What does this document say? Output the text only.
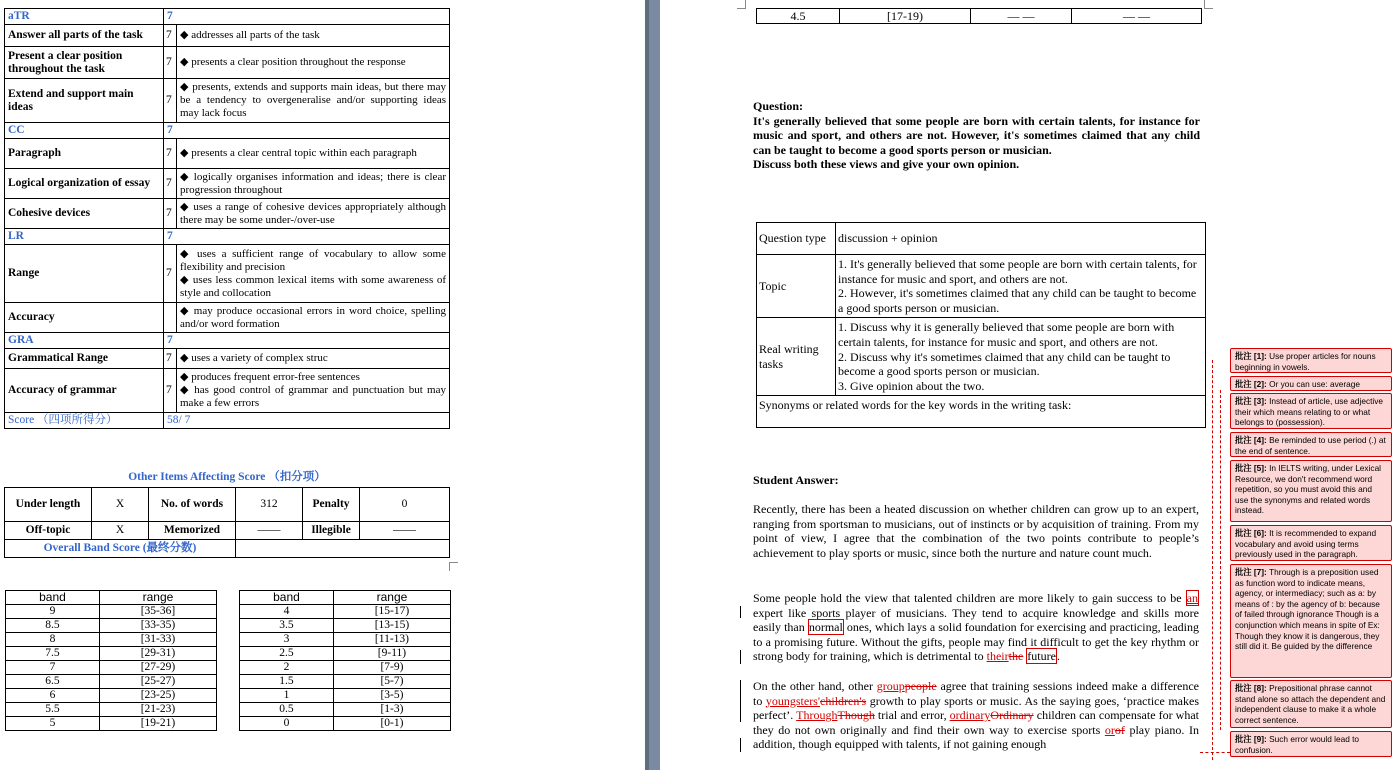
aTR	7	
Answer all parts of the task	7	◆ addresses all parts of the task
Present a clear position throughout the task	7	◆ presents a clear position throughout the response
Extend and support main ideas	7	◆ presents, extends and supports main ideas, but there may be a tendency to overgeneralise and/or supporting ideas may lack focus
CC	7	
Paragraph	7	◆ presents a clear central topic within each paragraph
Logical organization of essay	7	◆ logically organises information and ideas; there is clear progression throughout
Cohesive devices	7	◆ uses a range of cohesive devices appropriately although there may be some under-/over-use
LR	7	
Range	7	◆ uses a sufficient range of vocabulary to allow some flexibility and precision
◆ uses less common lexical items with some awareness of style and collocation
Accuracy		◆ may produce occasional errors in word choice, spelling and/or word formation
GRA	7	
Grammatical Range	7	◆ uses a variety of complex struc
Accuracy of grammar	7	◆ produces frequent error-free sentences
◆ has good control of grammar and punctuation but may make a few errors
Score （四项所得分）	58/ 7	
Other Items Affecting Score （扣分项）					
Under length	X	No. of words	312	Penalty	0
Off-topic	X	Memorized	——	Illegible	——
Overall Band Score (最终分数)					
band	range		band	range
9	[35-36]		4	[15-17)
8.5	[33-35)		3.5	[13-15)
8	[31-33)		3	[11-13)
7.5	[29-31)		2.5	[9-11)
7	[27-29)		2	[7-9)
6.5	[25-27)		1.5	[5-7)
6	[23-25)		1	[3-5)
5.5	[21-23)		0.5	[1-3)
5	[19-21)		0	[0-1)
4.5	[17-19)	— —	— —
Question:
It's generally believed that some people are born with certain talents, for instance for music and sport, and others are not. However, it's sometimes claimed that any child can be taught to become a good sports person or musician.
Discuss both these views and give your own opinion.
Question type	discussion + opinion
Topic	1. It's generally believed that some people are born with certain talents, for instance for music and sport, and others are not.
2. However, it's sometimes claimed that any child can be taught to become a good sports person or musician.
Real writing tasks	1. Discuss why it is generally believed that some people are born with certain talents, for instance for music and sport, and others are not.
2. Discuss why it's sometimes claimed that any child can be taught to become a good sports person or musician.
3. Give opinion about the two.
Synonyms or related words for the key words in the writing task:	
Student Answer:
Recently, there has been a heated discussion on whether children can grow up to an expert, ranging from sportsman to musicians, out of instincts or by acquisition of training. From my point of view, I agree that the combination of the two points contribute to people’s achievement to play sports or music, since both the nurture and nature count much.
Some people hold the view that talented children are more likely to gain success to be an expert like sports player of musicians. They tend to acquire knowledge and skills more easily than normal ones, which lays a solid foundation for exercising and practicing, leading to a promising future. Without the gifts, people may find it difficult to get the key rhythm or strong body for training, which is detrimental to theirthe future.
On the other hand, other grouppeople agree that training sessions indeed make a difference to youngsters'children's growth to play sports or music. As the saying goes, ‘practice makes perfect’. ThroughThough trial and error, ordinaryOrdinary children can compensate for what they do not own originally and find their own way to exercise sports orof play piano. In addition, though equipped with talents, if not gaining enough
批注 [1]: Use proper articles for nouns beginning in vowels.
批注 [2]: Or you can use: average
批注 [3]: Instead of article, use adjective their which means relating to or what belongs to (possession).
批注 [4]: Be reminded to use period (.) at the end of sentence.
批注 [5]: In IELTS writing, under Lexical Resource, we don't recommend word repetition, so you must avoid this and use the synonyms and related words instead.
批注 [6]: It is recommended to expand vocabulary and avoid using terms previously used in the paragraph.
批注 [7]: Through is a preposition used as function word to indicate means, agency, or intermediacy; such as a: by means of : by the agency of b: because of failed through ignorance Though is a conjunction which means in spite of Ex: Though they know it is dangerous, they still did it. Be guided by the difference
批注 [8]: Prepositional phrase cannot stand alone so attach the dependent and independent clause to make it a whole correct sentence.
批注 [9]: Such error would lead to confusion.
